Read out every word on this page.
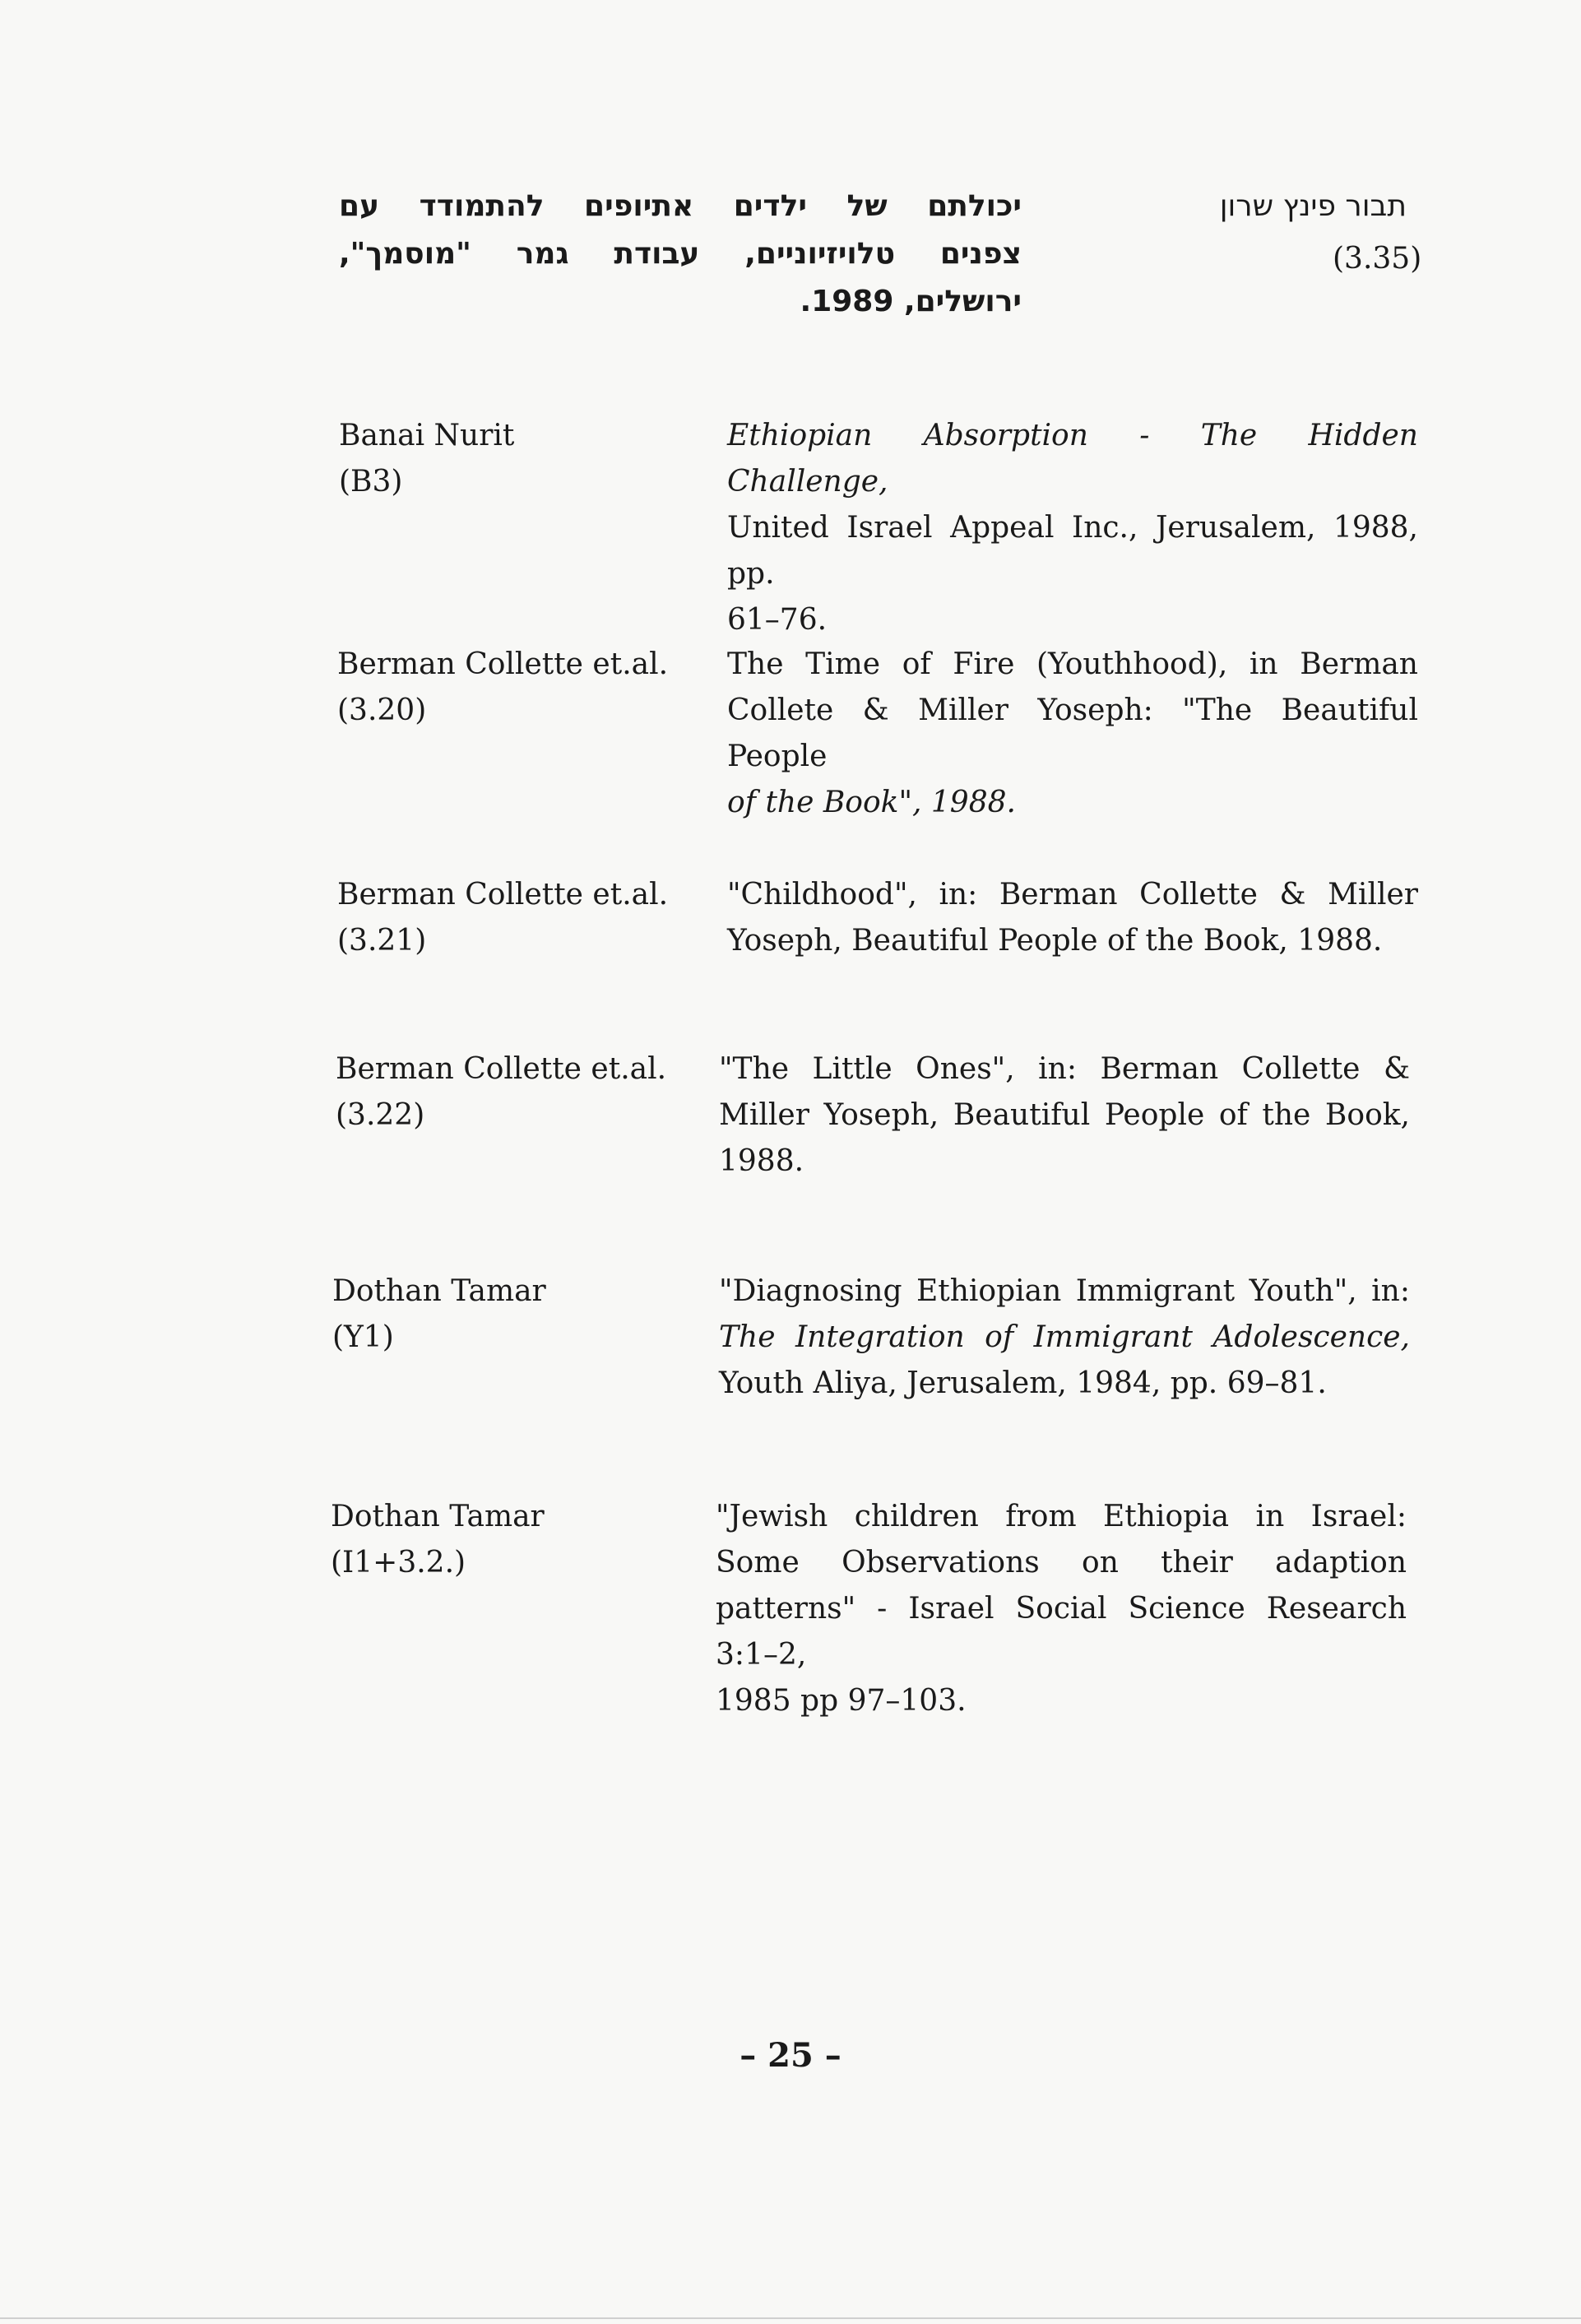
יכולתם של ילדים אתיופים להתמודד עם
צפנים טלויזיוניים, עבודת גמר "מוסמך",
ירושלים, 1989.
תבור פינץ שרון
(3.35)
Banai Nurit
(B3)
Ethiopian Absorption - The Hidden Challenge,
United Israel Appeal Inc., Jerusalem, 1988, pp.
61–76.
Berman Collette et.al.
(3.20)
The Time of Fire (Youthhood), in Berman
Collete & Miller Yoseph: "The Beautiful People
of the Book", 1988.
Berman Collette et.al.
(3.21)
"Childhood", in: Berman Collette & Miller
Yoseph, Beautiful People of the Book, 1988.
Berman Collette et.al.
(3.22)
"The Little Ones", in: Berman Collette &
Miller Yoseph, Beautiful People of the Book,
1988.
Dothan Tamar
(Y1)
"Diagnosing Ethiopian Immigrant Youth", in:
The Integration of Immigrant Adolescence,
Youth Aliya, Jerusalem, 1984, pp. 69–81.
Dothan Tamar
(I1+3.2.)
"Jewish children from Ethiopia in Israel:
Some Observations on their adaption
patterns" - Israel Social Science Research 3:1–2,
1985 pp 97–103.
– 25 –
